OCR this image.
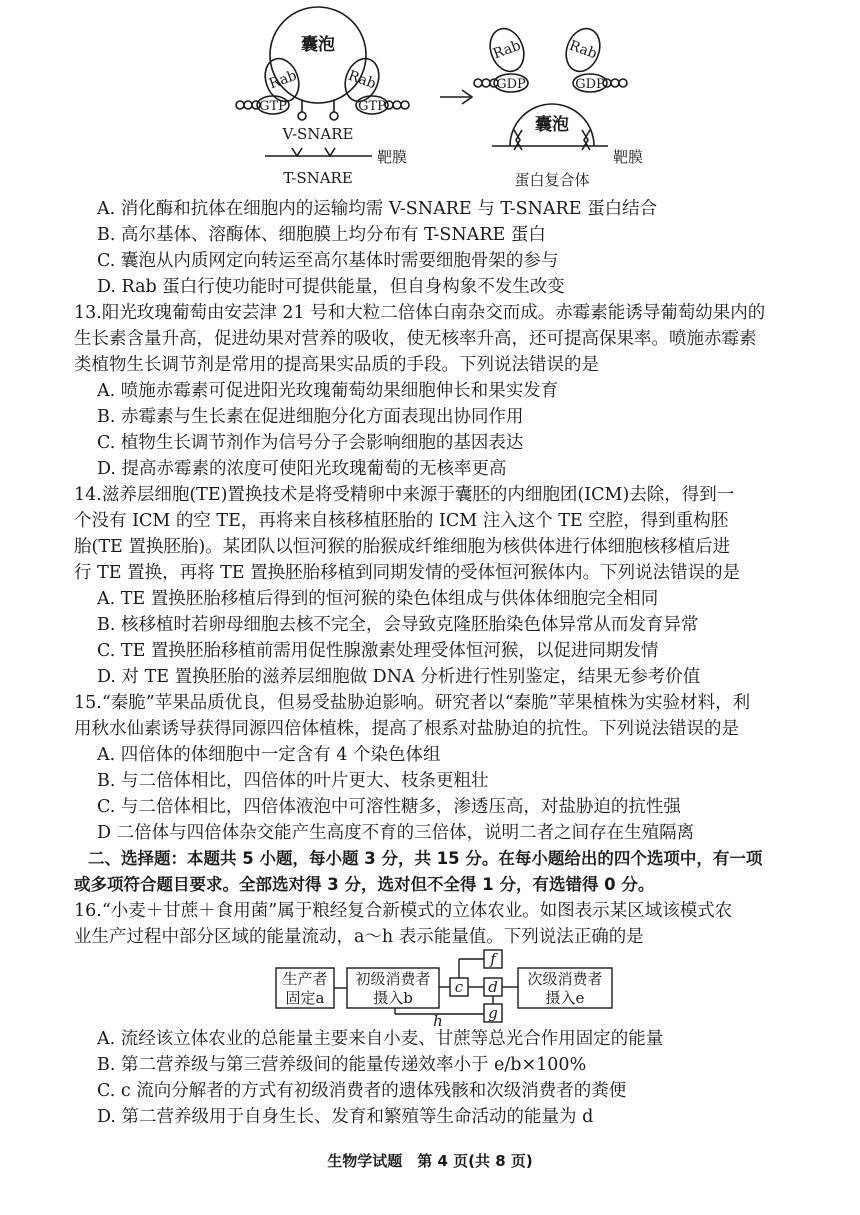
囊泡
Rab	Rab
GTP	GTP
V-SNARE
靶膜
T-SNARE
Rab	Rab
GDP	GDP
囊泡
靶膜
蛋白复合体
A. 消化酶和抗体在细胞内的运输均需 V-SNARE 与 T-SNARE 蛋白结合
B. 高尔基体、溶酶体、细胞膜上均分布有 T-SNARE 蛋白
C. 囊泡从内质网定向转运至高尔基体时需要细胞骨架的参与
D. Rab 蛋白行使功能时可提供能量，但自身构象不发生改变
13.阳光玫瑰葡萄由安芸津 21 号和大粒二倍体白南杂交而成。赤霉素能诱导葡萄幼果内的
生长素含量升高，促进幼果对营养的吸收，使无核率升高，还可提高保果率。喷施赤霉素
类植物生长调节剂是常用的提高果实品质的手段。下列说法错误的是
A. 喷施赤霉素可促进阳光玫瑰葡萄幼果细胞伸长和果实发育
B. 赤霉素与生长素在促进细胞分化方面表现出协同作用
C. 植物生长调节剂作为信号分子会影响细胞的基因表达
D. 提高赤霉素的浓度可使阳光玫瑰葡萄的无核率更高
14.滋养层细胞(TE)置换技术是将受精卵中来源于囊胚的内细胞团(ICM)去除，得到一
个没有 ICM 的空 TE，再将来自核移植胚胎的 ICM 注入这个 TE 空腔，得到重构胚
胎(TE 置换胚胎)。某团队以恒河猴的胎猴成纤维细胞为核供体进行体细胞核移植后进
行 TE 置换，再将 TE 置换胚胎移植到同期发情的受体恒河猴体内。下列说法错误的是
A. TE 置换胚胎移植后得到的恒河猴的染色体组成与供体体细胞完全相同
B. 核移植时若卵母细胞去核不完全，会导致克隆胚胎染色体异常从而发育异常
C. TE 置换胚胎移植前需用促性腺激素处理受体恒河猴，以促进同期发情
D. 对 TE 置换胚胎的滋养层细胞做 DNA 分析进行性别鉴定，结果无参考价值
15.“秦脆”苹果品质优良，但易受盐胁迫影响。研究者以“秦脆”苹果植株为实验材料，利
用秋水仙素诱导获得同源四倍体植株，提高了根系对盐胁迫的抗性。下列说法错误的是
A. 四倍体的体细胞中一定含有 4 个染色体组
B. 与二倍体相比，四倍体的叶片更大、枝条更粗壮
C. 与二倍体相比，四倍体液泡中可溶性糖多，渗透压高，对盐胁迫的抗性强
D 二倍体与四倍体杂交能产生高度不育的三倍体，说明二者之间存在生殖隔离
二、选择题：本题共 5 小题，每小题 3 分，共 15 分。在每小题给出的四个选项中，有一项
或多项符合题目要求。全部选对得 3 分，选对但不全得 1 分，有选错得 0 分。
16.“小麦＋甘蔗＋食用菌”属于粮经复合新模式的立体农业。如图表示某区域该模式农
业生产过程中部分区域的能量流动，a～h 表示能量值。下列说法正确的是
生产者
固定a
初级消费者
摄入b
c
f
d
g
h
次级消费者
摄入e
A. 流经该立体农业的总能量主要来自小麦、甘蔗等总光合作用固定的能量
B. 第二营养级与第三营养级间的能量传递效率小于 e/b×100%
C. c 流向分解者的方式有初级消费者的遗体残骸和次级消费者的粪便
D. 第二营养级用于自身生长、发育和繁殖等生命活动的能量为 d
生物学试题　第 4 页(共 8 页)
